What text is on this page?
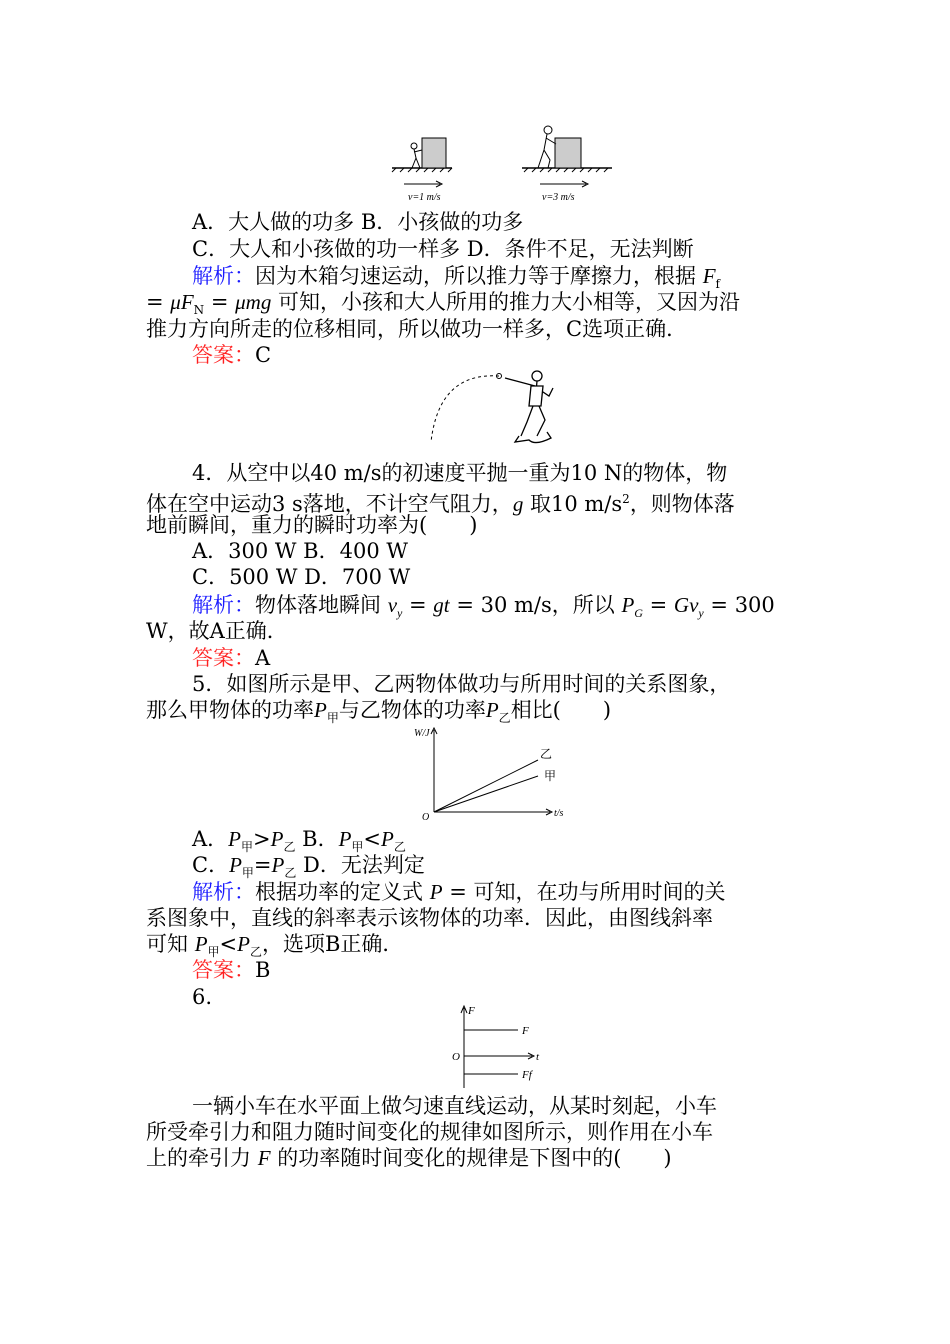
v=1 m/s	v=3 m/s
A．大人做的功多 B．小孩做的功多
C．大人和小孩做的功一样多 D．条件不足，无法判断
解析：因为木箱匀速运动，所以推力等于摩擦力，根据 $F_f$
= $\mu F_N = \mu mg$ 可知，小孩和大人所用的推力大小相等，又因为沿
推力方向所走的位移相同，所以做功一样多，C选项正确．
答案：C
4．从空中以40 m/s的初速度平抛一重为10 N的物体，物
体在空中运动3 s落地，不计空气阻力，g 取10 $m/s^2$，则物体落
地前瞬间，重力的瞬时功率为(　　)
A．300 W B．400 W
C．500 W D．700 W
解析：物体落地瞬间 $v_y$ = gt = 30 m/s，所以 $P_G = Gv_y = 300$
W，故A正确．
答案：A
5．如图所示是甲、乙两物体做功与所用时间的关系图象，
那么甲物体的功率$P_甲$与乙物体的功率$P_乙$相比(　　)
W/J
t/s
O
乙
甲
A．$P_甲>P_乙$ B．$P_甲<P_乙$
C．$P_甲=P_乙$ D．无法判定
解析：根据功率的定义式 P = 可知，在功与所用时间的关
系图象中，直线的斜率表示该物体的功率．因此，由图线斜率
可知 $P_甲<P_乙$，选项B正确．
答案：B
6.
F
t
O
F
Ff
一辆小车在水平面上做匀速直线运动，从某时刻起，小车
所受牵引力和阻力随时间变化的规律如图所示，则作用在小车
上的牵引力 F 的功率随时间变化的规律是下图中的(　　)
